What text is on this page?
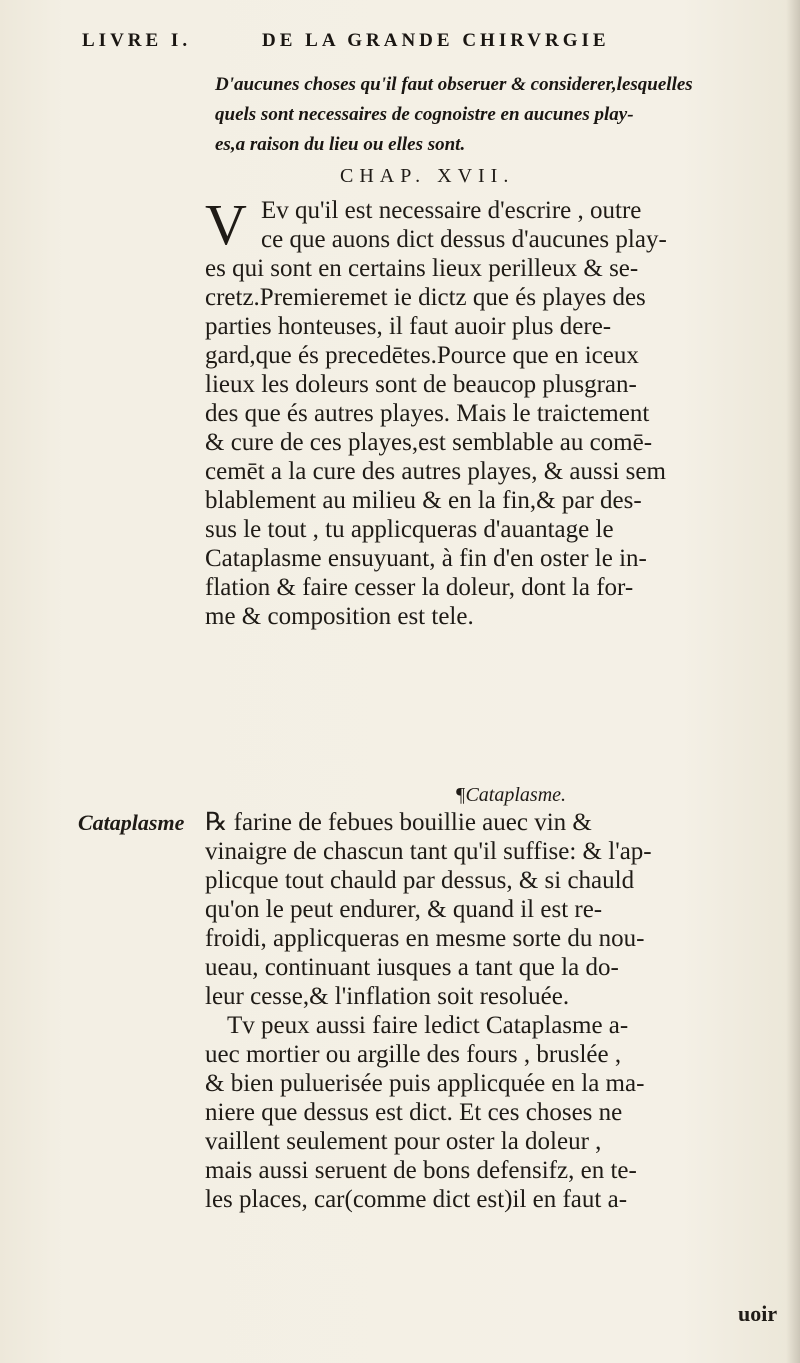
LIVRE I.	DE LA GRANDE CHIRVRGIE
D'aucunes choses qu'il faut obseruer & considerer,lesquelles
quels sont necessaires de cognoistre en aucunes play-
es,a raison du lieu ou elles sont.
CHAP. XVII.
V Ev qu'il est necessaire d'escrire , outre
ce que auons dict dessus d'aucunes play-
es qui sont en certains lieux perilleux & se-
cretz.Premieremet ie dictz que és playes des
parties honteuses, il faut auoir plus dere-
gard,que és precedētes.Pource que en iceux
lieux les doleurs sont de beaucop plusgran-
des que és autres playes. Mais le traictement
& cure de ces playes,est semblable au comē-
cemēt a la cure des autres playes, & aussi sem
blablement au milieu & en la fin,& par des-
sus le tout , tu applicqueras d'auantage le
Cataplasme ensuyuant, à fin d'en oster le in-
flation & faire cesser la doleur, dont la for-
me & composition est tele.
¶Cataplasme.
Cataplasme ℞ farine de febues bouillie auec vin &
vinaigre de chascun tant qu'il suffise: & l'ap-
plicque tout chauld par dessus, & si chauld
qu'on le peut endurer, & quand il est re-
froidi, applicqueras en mesme sorte du nou-
ueau, continuant iusques a tant que la do-
leur cesse,& l'inflation soit resoluée.
Tv peux aussi faire ledict Cataplasme a-
uec mortier ou argille des fours , bruslée ,
& bien puluerisée puis applicquée en la ma-
niere que dessus est dict. Et ces choses ne
vaillent seulement pour oster la doleur ,
mais aussi seruent de bons defensifz, en te-
les places, car(comme dict est)il en faut a-
uoir
